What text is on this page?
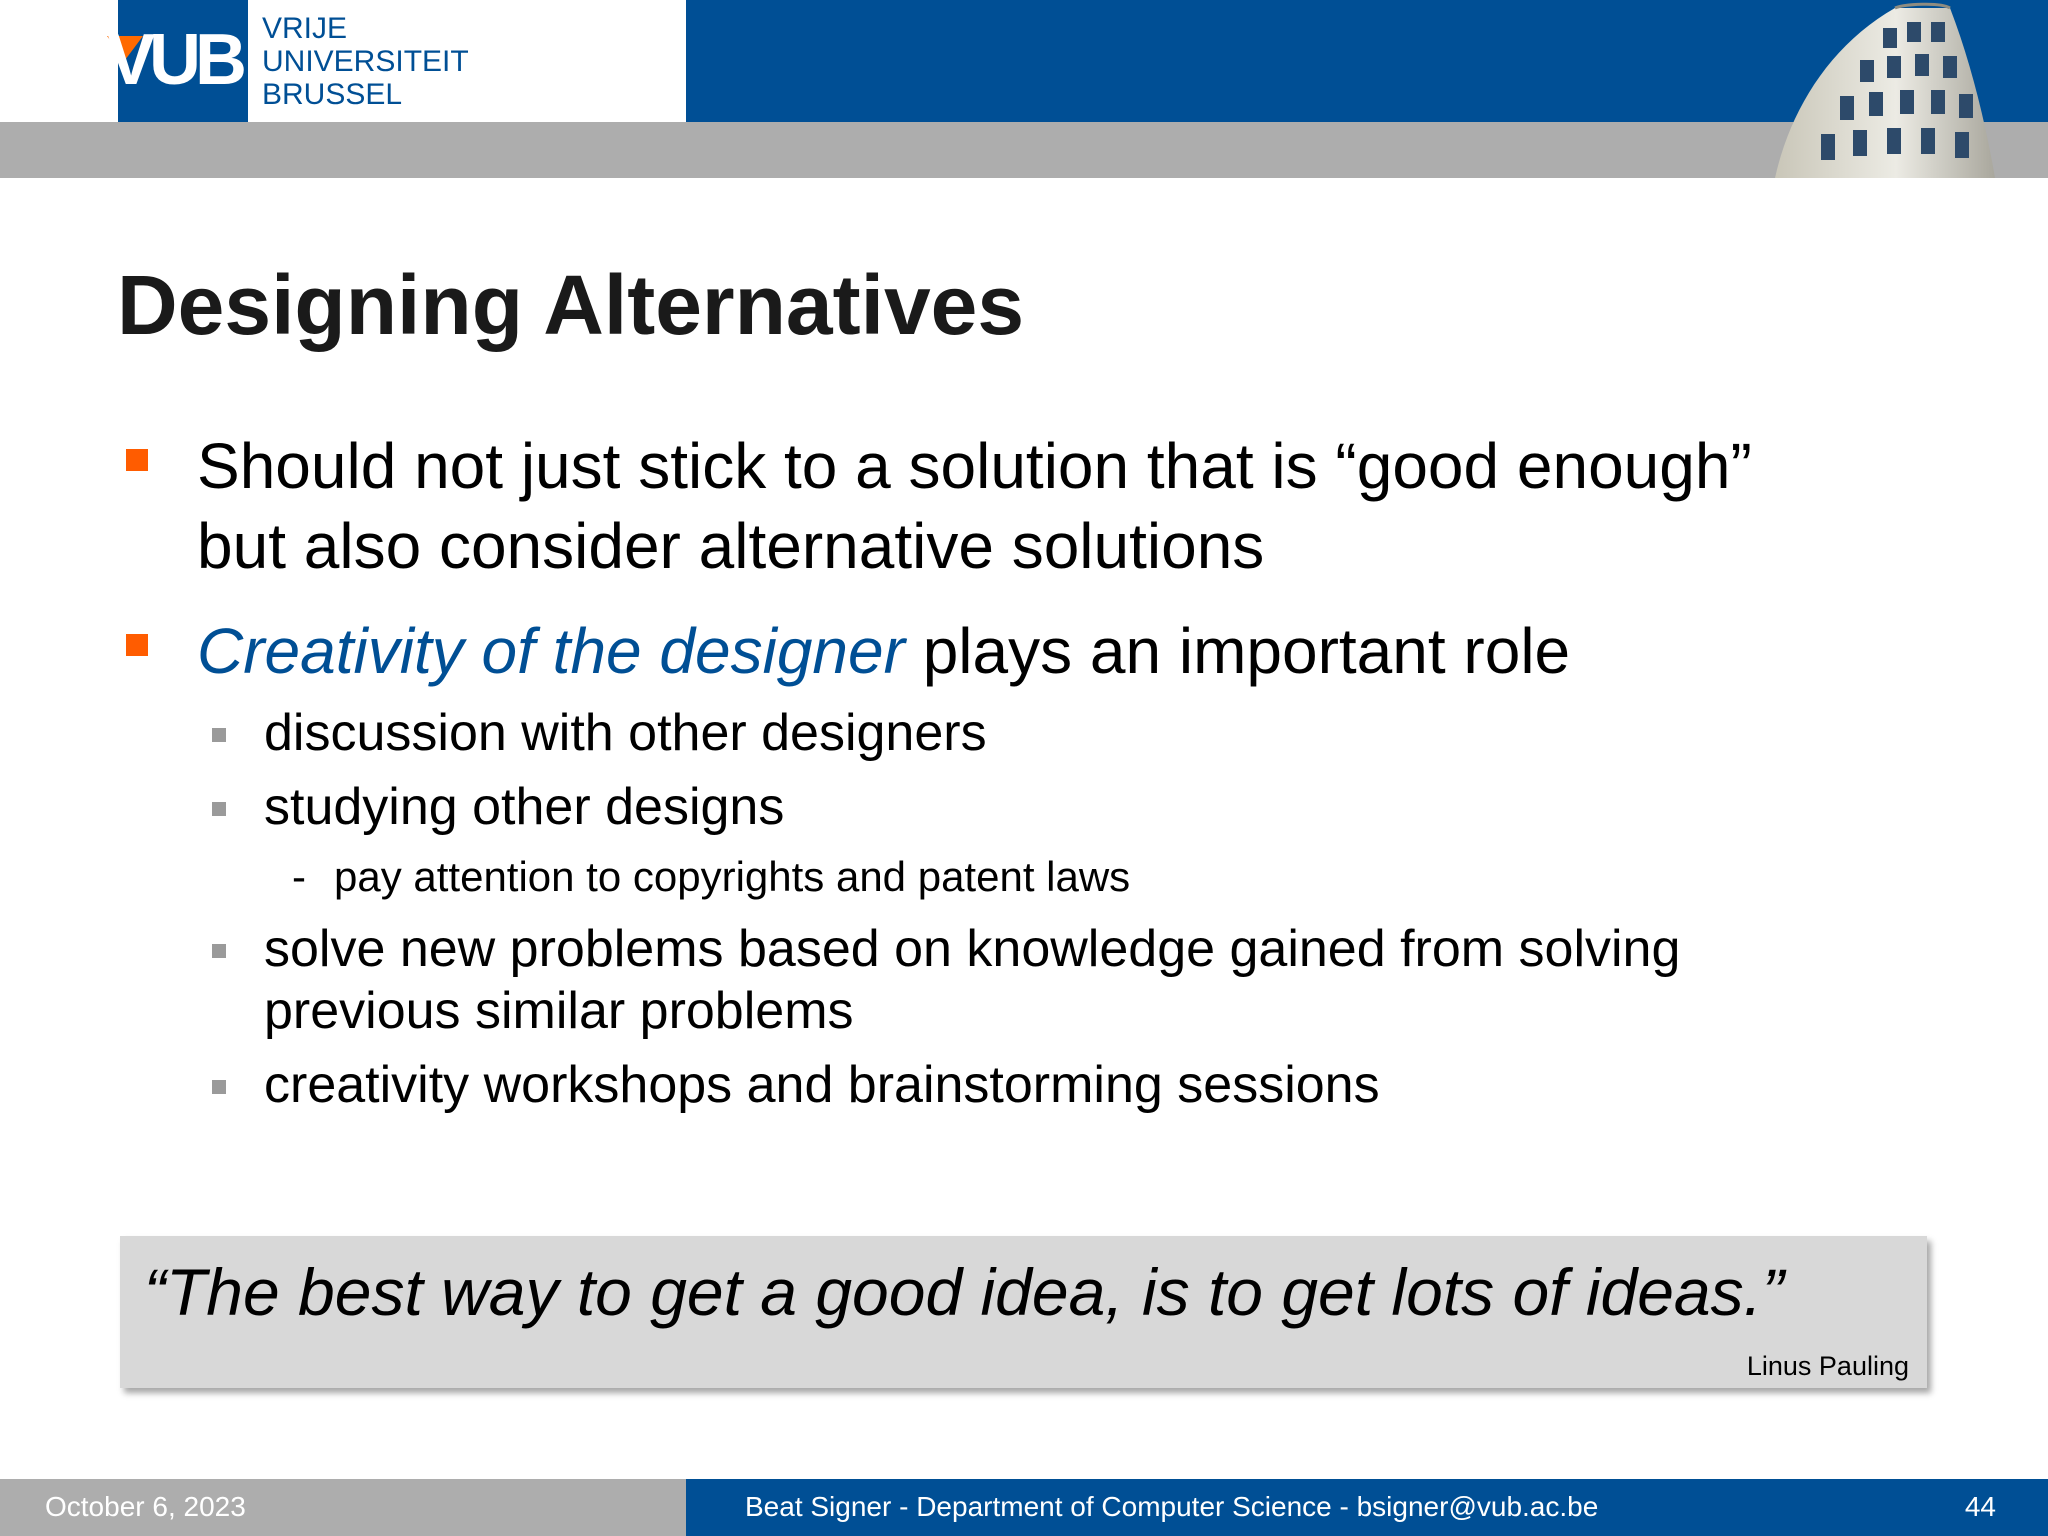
VUB VRIJE
UNIVERSITEIT
BRUSSEL
Designing Alternatives
Should not just stick to a solution that is “good enough”
but also consider alternative solutions
Creativity of the designer plays an important role
discussion with other designers
studying other designs
- pay attention to copyrights and patent laws
solve new problems based on knowledge gained from solving
previous similar problems
creativity workshops and brainstorming sessions
“The best way to get a good idea, is to get lots of ideas.”
Linus Pauling
October 6, 2023	Beat Signer - Department of Computer Science - bsigner@vub.ac.be	44
